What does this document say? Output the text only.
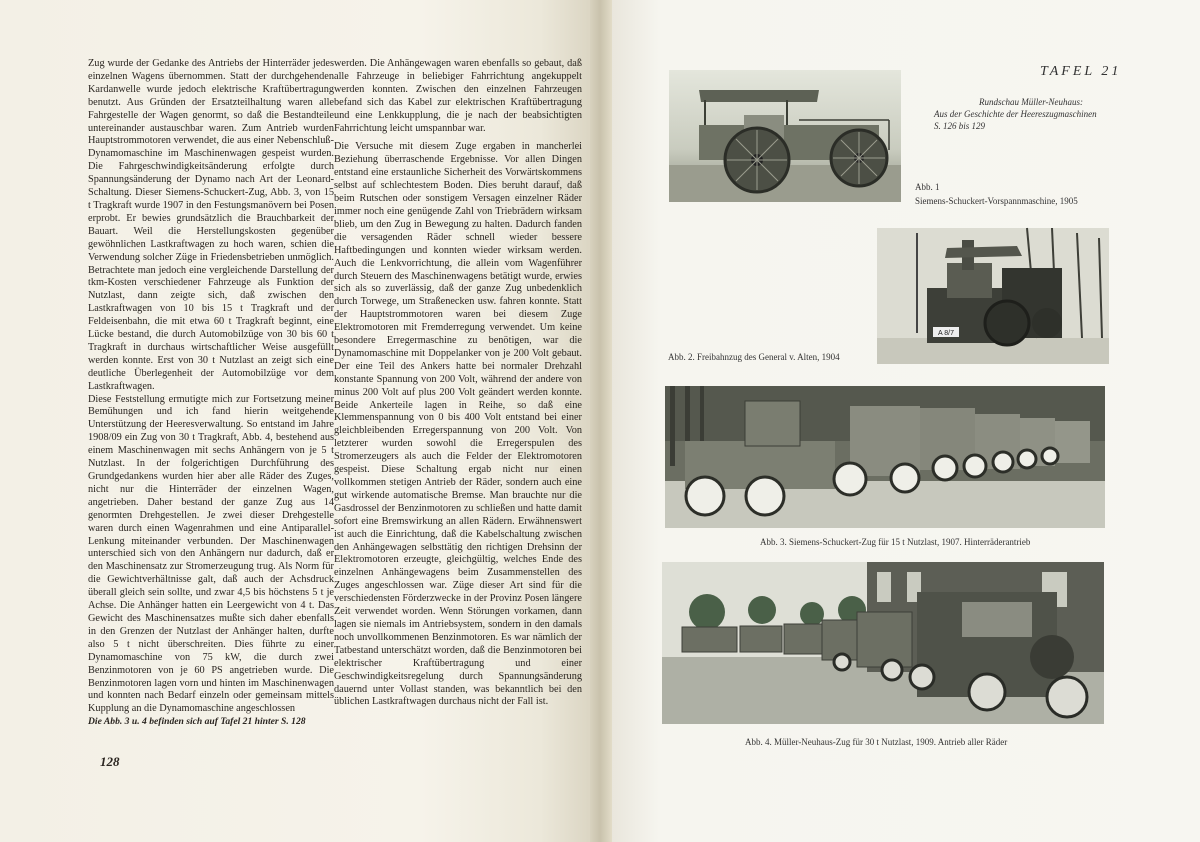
Zug wurde der Gedanke des Antriebs der Hinterräder jedes einzelnen Wagens übernommen. Statt der durchgehenden Kardanwelle wurde jedoch elektrische Kraftübertragung benutzt. Aus Gründen der Ersatzteilhaltung waren alle Fahrgestelle der Wagen genormt, so daß die Bestandteile untereinander austauschbar waren. Zum Antrieb wurden Hauptstrommotoren verwendet, die aus einer Nebenschluß-Dynamomaschine im Maschinenwagen gespeist wurden. Die Fahrgeschwindigkeitsänderung erfolgte durch Spannungsänderung der Dynamo nach Art der Leonard-Schaltung. Dieser Siemens-Schuckert-Zug, Abb. 3, von 15 t Tragkraft wurde 1907 in den Festungsmanövern bei Posen erprobt. Er bewies grundsätzlich die Brauchbarkeit der Bauart. Weil die Herstellungskosten gegenüber gewöhnlichen Lastkraftwagen zu hoch waren, schien die Verwendung solcher Züge in Friedensbetrieben unmöglich. Betrachtete man jedoch eine vergleichende Darstellung der tkm-Kosten verschiedener Fahrzeuge als Funktion der Nutzlast, dann zeigte sich, daß zwischen den Lastkraftwagen von 10 bis 15 t Tragkraft und der Feldeisenbahn, die mit etwa 60 t Tragkraft beginnt, eine Lücke bestand, die durch Automobilzüge von 30 bis 60 t Tragkraft in durchaus wirtschaftlicher Weise ausgefüllt werden konnte. Erst von 30 t Nutzlast an zeigt sich eine deutliche Überlegenheit der Automobilzüge vor dem Lastkraftwagen.

Diese Feststellung ermutigte mich zur Fortsetzung meiner Bemühungen und ich fand hierin weitgehende Unterstützung der Heeresverwaltung. So entstand im Jahre 1908/09 ein Zug von 30 t Tragkraft, Abb. 4, bestehend aus einem Maschinenwagen mit sechs Anhängern von je 5 t Nutzlast. In der folgerichtigen Durchführung des Grundgedankens wurden hier aber alle Räder des Zuges, nicht nur die Hinterräder der einzelnen Wagen, angetrieben. Daher bestand der ganze Zug aus 14 genormten Drehgestellen. Je zwei dieser Drehgestelle waren durch einen Wagenrahmen und eine Antiparallel-Lenkung miteinander verbunden. Der Maschinenwagen unterschied sich von den Anhängern nur dadurch, daß er den Maschinensatz zur Stromerzeugung trug. Als Norm für die Gewichtverhältnisse galt, daß auch der Achsdruck überall gleich sein sollte, und zwar 4,5 bis höchstens 5 t je Achse. Die Anhänger hatten ein Leergewicht von 4 t. Das Gewicht des Maschinensatzes mußte sich daher ebenfalls in den Grenzen der Nutzlast der Anhänger halten, durfte also 5 t nicht überschreiten. Dies führte zu einer Dynamomaschine von 75 kW, die durch zwei Benzinmotoren von je 60 PS angetrieben wurde. Die Benzinmotoren lagen vorn und hinten im Maschinenwagen und konnten nach Bedarf einzeln oder gemeinsam mittels Kupplung an die Dynamomaschine angeschlossen

werden. Die Anhängewagen waren ebenfalls so gebaut, daß alle Fahrzeuge in beliebiger Fahrrichtung angekuppelt werden konnten. Zwischen den einzelnen Fahrzeugen befand sich das Kabel zur elektrischen Kraftübertragung und eine Lenkkupplung, die je nach der beabsichtigten Fahrrichtung leicht umspannbar war.

Die Versuche mit diesem Zuge ergaben in mancherlei Beziehung überraschende Ergebnisse. Vor allen Dingen entstand eine erstaunliche Sicherheit des Vorwärtskommens selbst auf schlechtestem Boden. Dies beruht darauf, daß beim Rutschen oder sonstigem Versagen einzelner Räder immer noch eine genügende Zahl von Triebrädern wirksam blieb, um den Zug in Bewegung zu halten. Dadurch fanden die versagenden Räder schnell wieder bessere Haftbedingungen und konnten wieder wirksam werden. Auch die Lenkvorrichtung, die allein vom Wagenführer durch Steuern des Maschinenwagens betätigt wurde, erwies sich als so zuverlässig, daß der ganze Zug unbedenklich durch Torwege, um Straßenecken usw. fahren konnte. Statt der Hauptstrommotoren waren bei diesem Zuge Elektromotoren mit Fremderregung verwendet. Um keine besondere Erregermaschine zu benötigen, war die Dynamomaschine mit Doppelanker von je 200 Volt gebaut. Der eine Teil des Ankers hatte bei normaler Drehzahl konstante Spannung von 200 Volt, während der andere von minus 200 Volt auf plus 200 Volt geändert werden konnte. Beide Ankerteile lagen in Reihe, so daß eine Klemmenspannung von 0 bis 400 Volt entstand bei einer gleichbleibenden Erregerspannung von 200 Volt. Von letzterer wurden sowohl die Erregerspulen des Stromerzeugers als auch die Felder der Elektromotoren gespeist. Diese Schaltung ergab nicht nur einen vollkommen stetigen Antrieb der Räder, sondern auch eine gut wirkende automatische Bremse. Man brauchte nur die Gasdrossel der Benzinmotoren zu schließen und hatte damit sofort eine Bremswirkung an allen Rädern. Erwähnenswert ist auch die Einrichtung, daß die Kabelschaltung zwischen den Anhängewagen selbsttätig den richtigen Drehsinn der Elektromotoren erzeugte, gleichgültig, welches Ende des einzelnen Anhängewagens beim Zusammenstellen des Zuges angeschlossen war. Züge dieser Art sind für die verschiedensten Förderzwecke in der Provinz Posen längere Zeit verwendet worden. Wenn Störungen vorkamen, dann lagen sie niemals im Antriebsystem, sondern in den damals noch unvollkommenen Benzinmotoren. Es war nämlich der Tatbestand unterschätzt worden, daß die Benzinmotoren bei elektrischer Kraftübertragung und einer Geschwindigkeitsregelung durch Spannungsänderung dauernd unter Vollast standen, was bekanntlich bei den üblichen Lastkraftwagen durchaus nicht der Fall ist.

Die Abb. 3 u. 4 befinden sich auf Tafel 21 hinter S. 128
128
TAFEL 21
Rundschau Müller-Neuhaus:
Aus der Geschichte der Heereszugmaschinen
S. 126 bis 129
Abb. 1
Siemens-Schuckert-Vorspannmaschine, 1905
A 8/7
Abb. 2. Freibahnzug des General v. Alten, 1904
Abb. 3. Siemens-Schuckert-Zug für 15 t Nutzlast, 1907. Hinterräderantrieb
Abb. 4. Müller-Neuhaus-Zug für 30 t Nutzlast, 1909. Antrieb aller Räder
